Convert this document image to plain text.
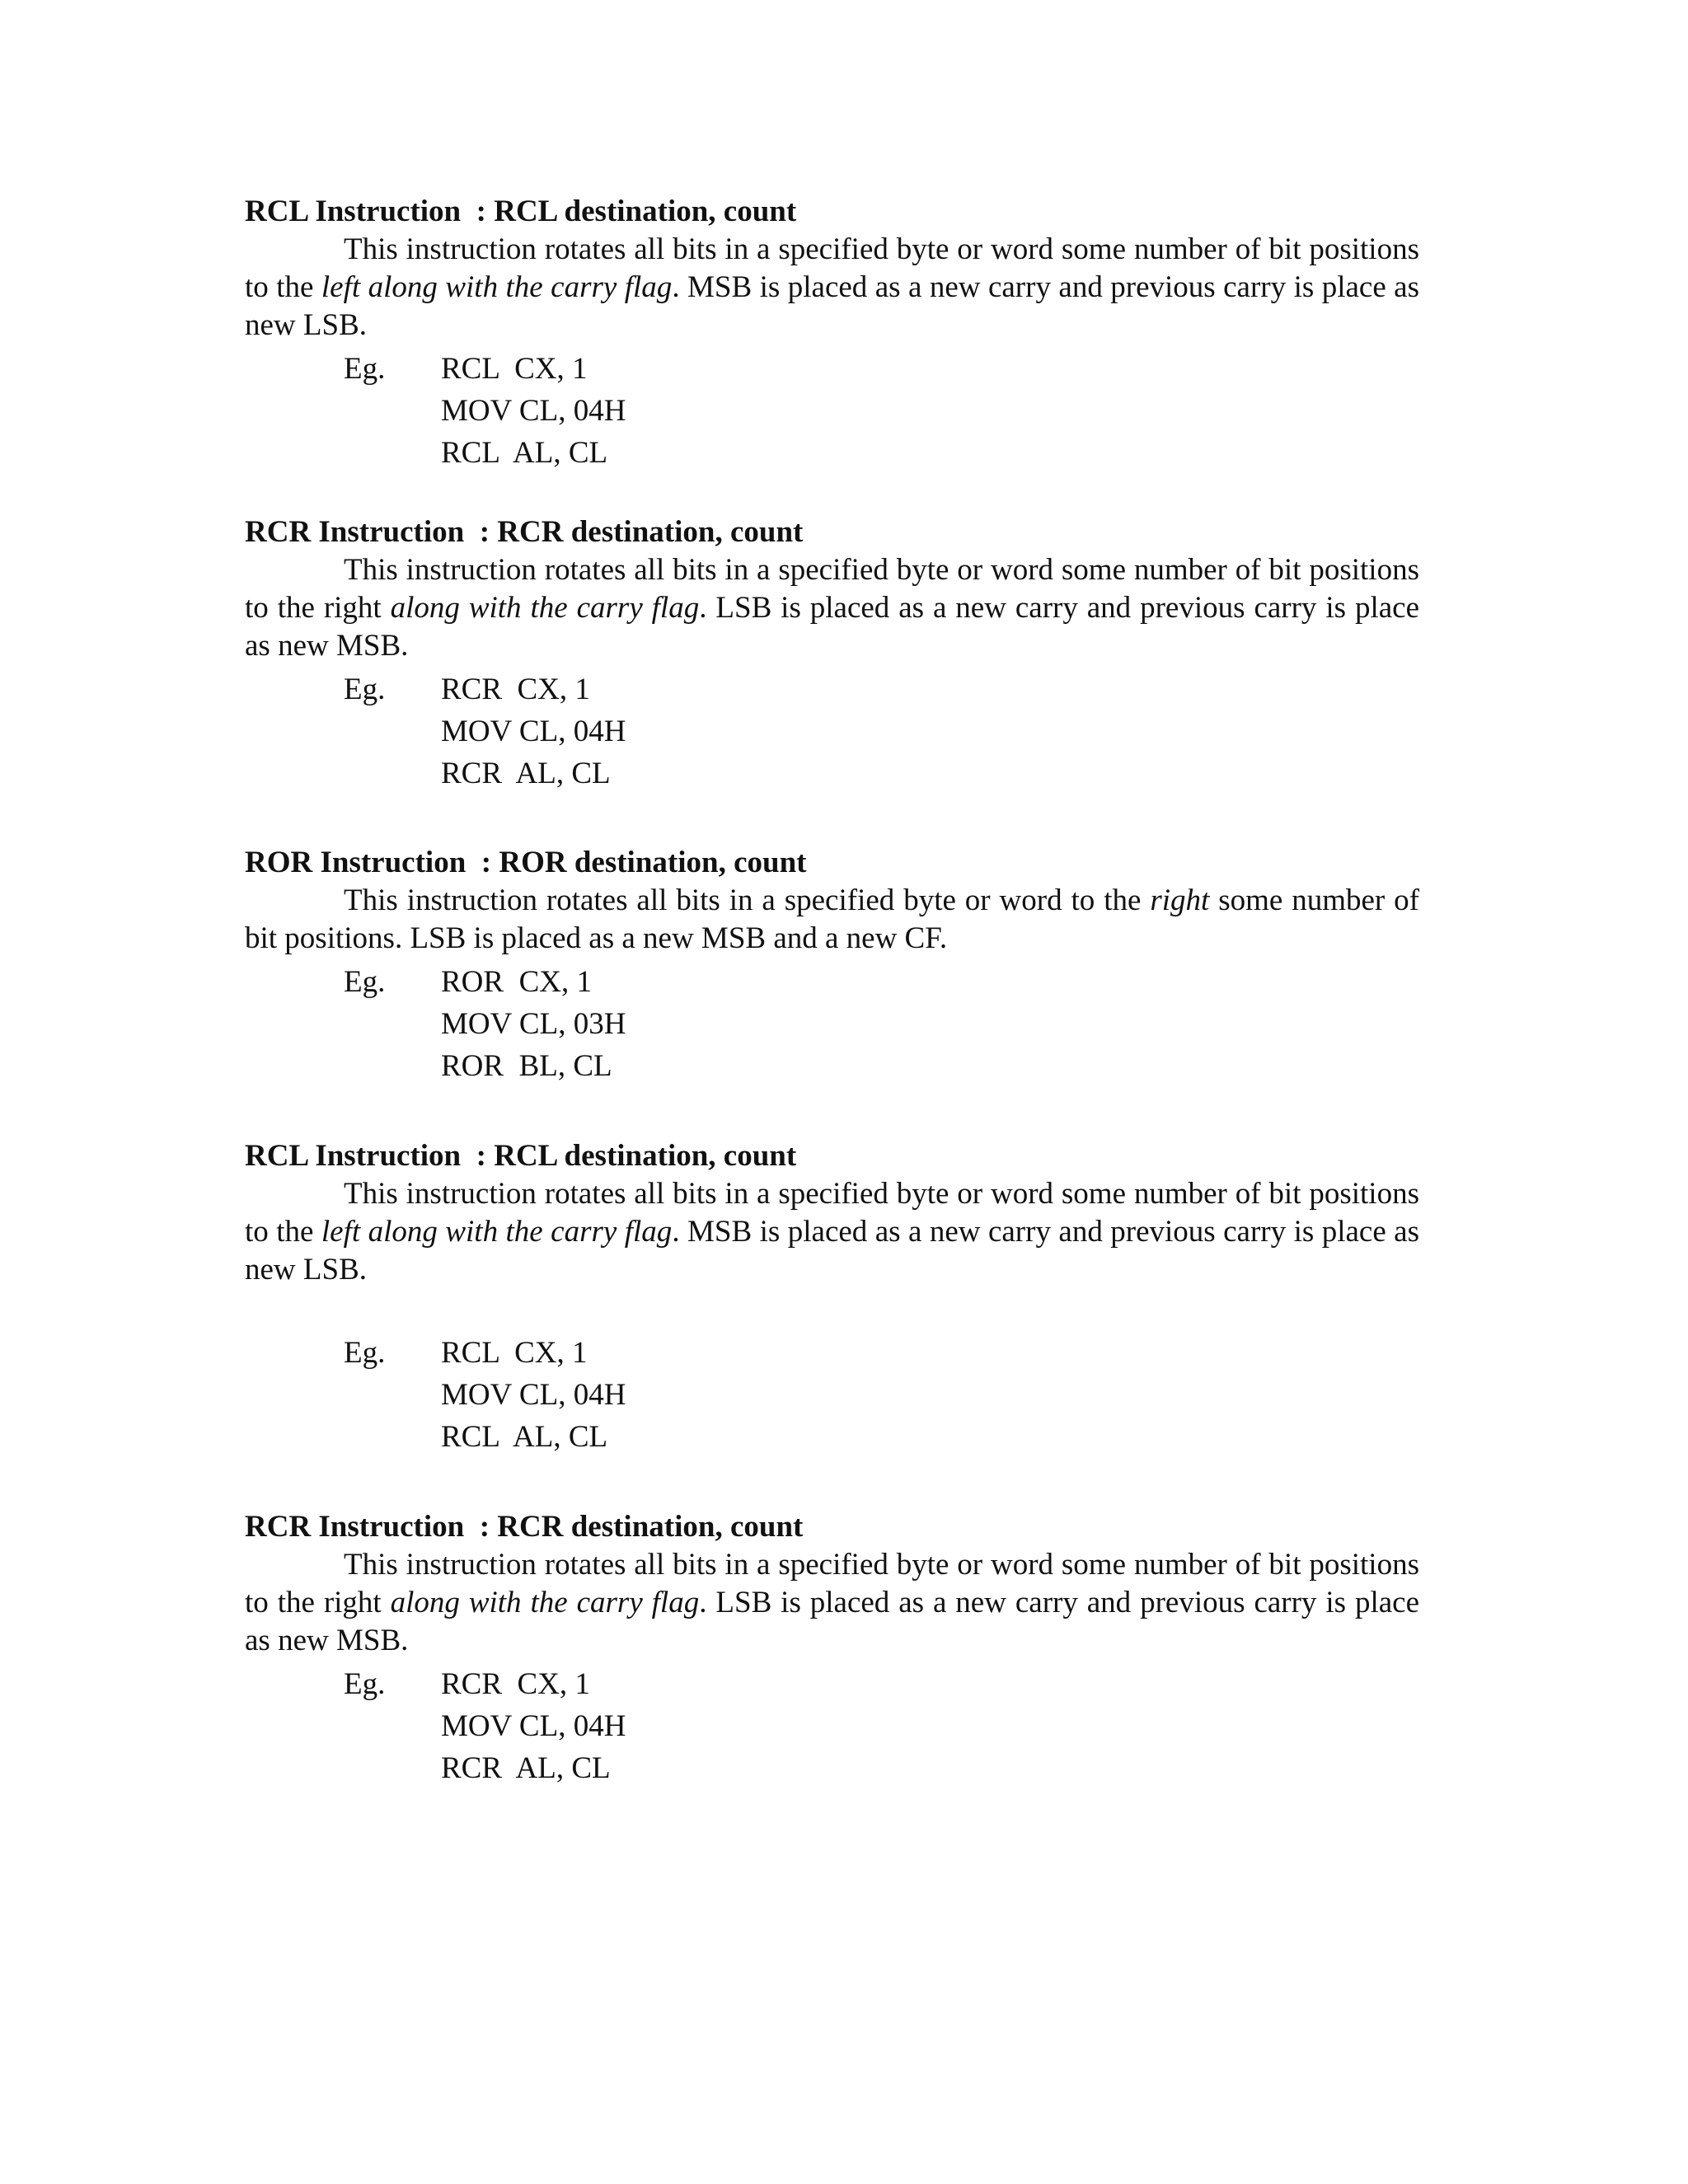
RCL Instruction  : RCL destination, count

This instruction rotates all bits in a specified byte or word some number of bit positions to the left along with the carry flag. MSB is placed as a new carry and previous carry is place as new LSB.

Eg. RCL  CX, 1
MOV CL, 04H
RCL  AL, CL
RCR Instruction  : RCR destination, count

This instruction rotates all bits in a specified byte or word some number of bit positions to the right along with the carry flag. LSB is placed as a new carry and previous carry is place as new MSB.

Eg. RCR  CX, 1
MOV CL, 04H
RCR  AL, CL
ROR Instruction  : ROR destination, count

This instruction rotates all bits in a specified byte or word to the right some number of bit positions. LSB is placed as a new MSB and a new CF.

Eg. ROR  CX, 1
MOV CL, 03H
ROR  BL, CL
RCL Instruction  : RCL destination, count

This instruction rotates all bits in a specified byte or word some number of bit positions to the left along with the carry flag. MSB is placed as a new carry and previous carry is place as new LSB.

Eg. RCL  CX, 1
MOV CL, 04H
RCL  AL, CL
RCR Instruction  : RCR destination, count

This instruction rotates all bits in a specified byte or word some number of bit positions to the right along with the carry flag. LSB is placed as a new carry and previous carry is place as new MSB.

Eg. RCR  CX, 1
MOV CL, 04H
RCR  AL, CL
